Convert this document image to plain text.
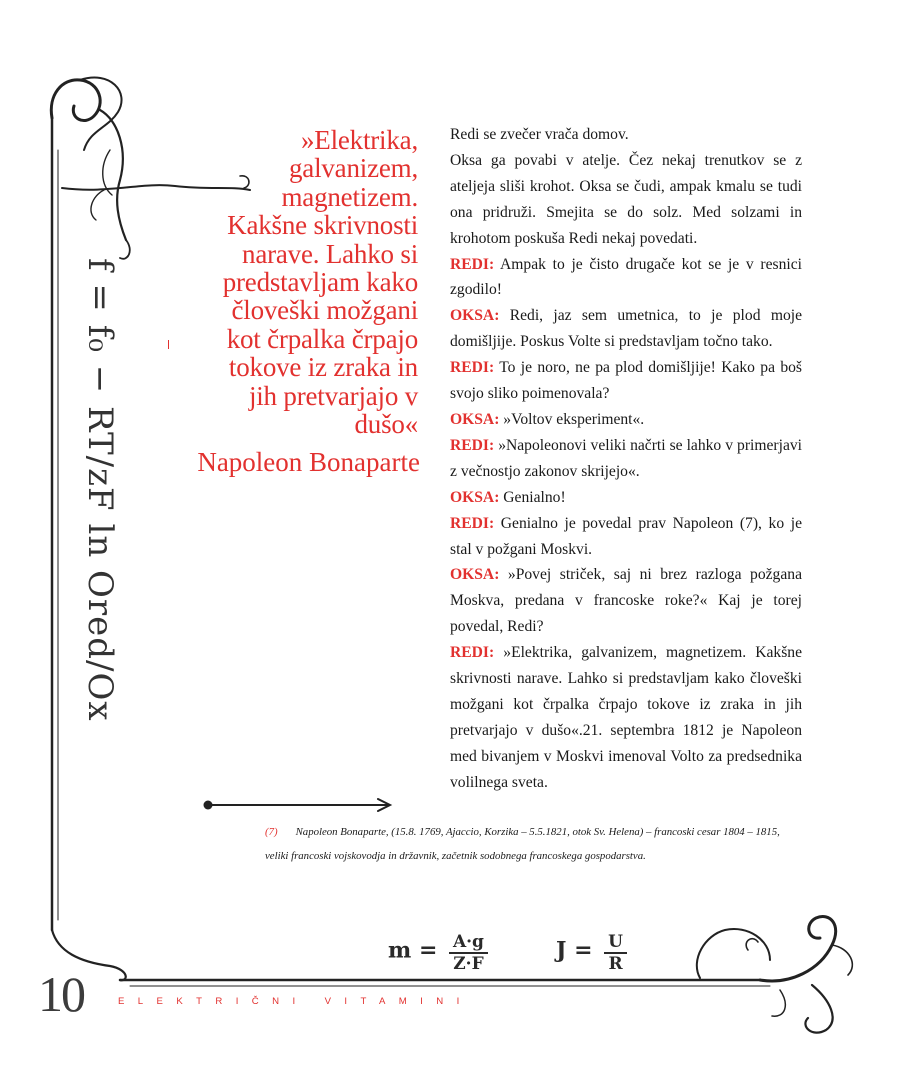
f = f₀ − RT/zF ln Ored/Ox
»Elektrika,
galvanizem,
magnetizem.
Kakšne skrivnosti
narave. Lahko si
predstavljam kako
človeški možgani
kot črpalka črpajo
tokove iz zraka in
jih pretvarjajo v
dušo«
Napoleon Bonaparte

Redi se zvečer vrača domov.

Oksa ga povabi v atelje. Čez nekaj trenutkov se z ateljeja sliši krohot. Oksa se čudi, ampak kmalu se tudi ona pridruži. Smejita se do solz. Med solzami in krohotom poskuša Redi nekaj povedati.

REDI: Ampak to je čisto drugače kot se je v resnici zgodilo!

OKSA: Redi, jaz sem umetnica, to je plod moje domišljije. Poskus Volte si predstavljam točno tako.

REDI: To je noro, ne pa plod domišljije! Kako pa boš svojo sliko poimenovala?

OKSA: »Voltov eksperiment«.

REDI: »Napoleonovi veliki načrti se lahko v primerjavi z večnostjo zakonov skrijejo«.

OKSA: Genialno!

REDI: Genialno je povedal prav Napoleon (7), ko je stal v požgani Moskvi.

OKSA: »Povej striček, saj ni brez razloga požgana Moskva, predana v francoske roke?« Kaj je torej povedal, Redi?

REDI: »Elektrika, galvanizem, magnetizem. Kakšne skrivnosti narave. Lahko si predstavljam kako človeški možgani kot črpalka črpajo tokove iz zraka in jih pretvarjajo v dušo«.21. septembra 1812 je Napoleon med bivanjem v Moskvi imenoval Volto za predsednika volilnega sveta.

(7) Napoleon Bonaparte, (15.8. 1769, Ajaccio, Korzika – 5.5.1821, otok Sv. Helena) – francoski cesar 1804 – 1815, veliki francoski vojskovodja in državnik, začetnik sodobnega francoskega gospodarstva.
$m = \frac{A\cdot g}{Z\cdot F}$	$J = \frac{U}{R}$
10	ELEKTRIČNI VITAMINI
